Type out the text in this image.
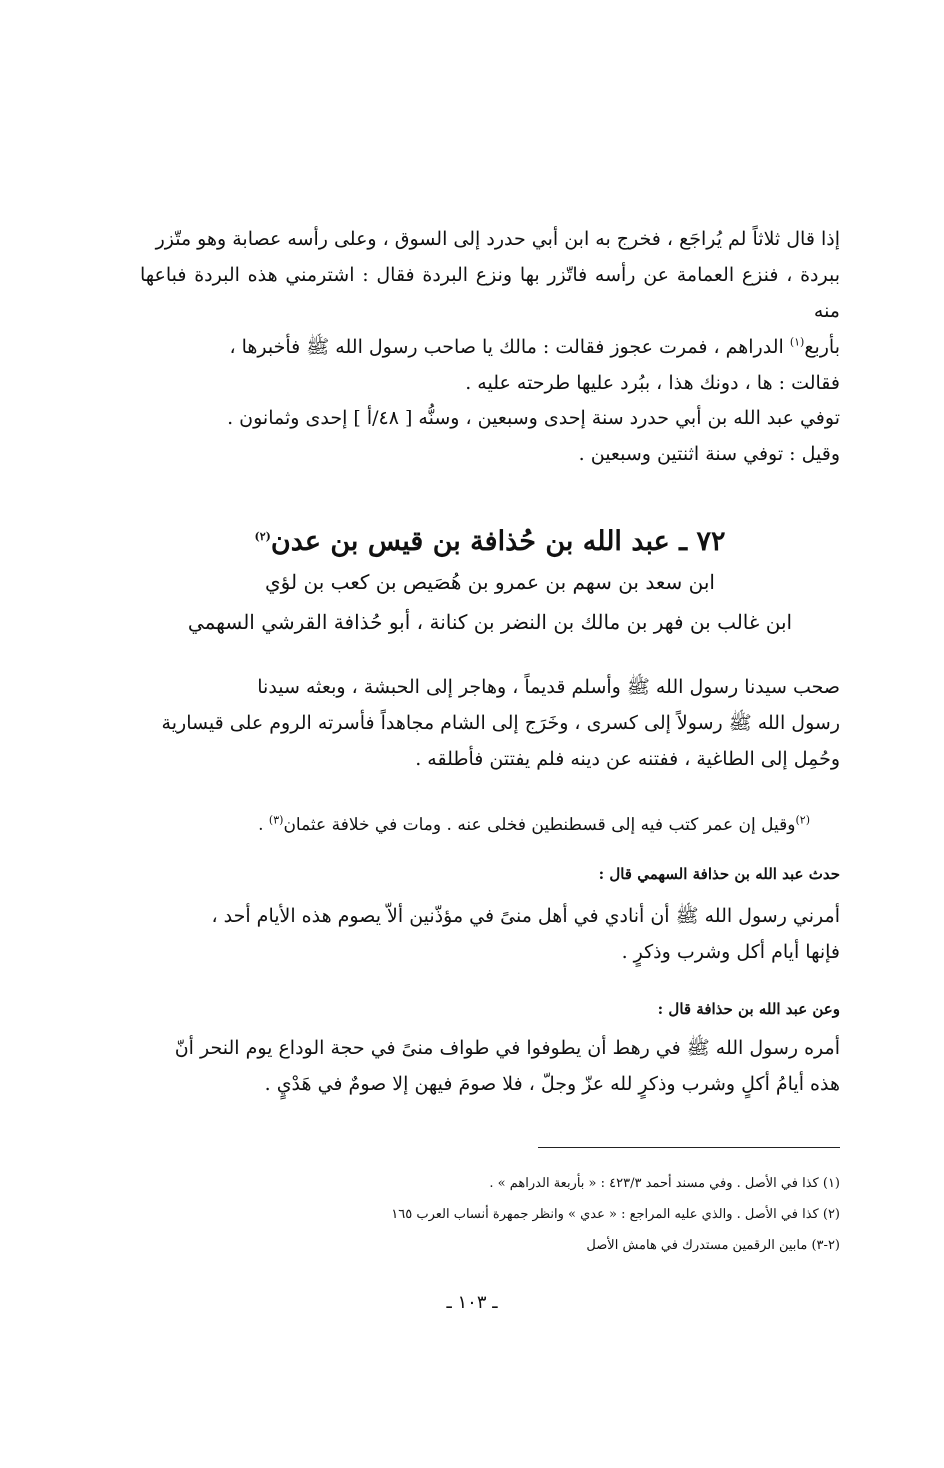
إذا قال ثلاثاً لم يُراجَع ، فخرج به ابن أبي حدرد إلى السوق ، وعلى رأسه عصابة وهو متّزر
ببردة ، فنزع العمامة عن رأسه فاتّزر بها ونزع البردة فقال : اشترمني هذه البردة فباعها منه
بأربع$^{(١)}$ الدراهم ، فمرت عجوز فقالت : مالك يا صاحب رسول الله ﷺ فأخبرها ،
فقالت : ها ، دونك هذا ، ببُرد عليها طرحته عليه .
توفي عبد الله بن أبي حدرد سنة إحدى وسبعين ، وسنُّه [ ٤٨/أ ] إحدى وثمانون .
وقيل : توفي سنة اثنتين وسبعين .
٧٢ ـ عبد الله بن حُذافة بن قيس بن عدن$^{(٢)}$
ابن سعد بن سهم بن عمرو بن هُصَيص بن كعب بن لؤي
ابن غالب بن فهر بن مالك بن النضر بن كنانة ، أبو حُذافة القرشي السهمي
صحب سيدنا رسول الله ﷺ وأسلم قديماً ، وهاجر إلى الحبشة ، وبعثه سيدنا
رسول الله ﷺ رسولاً إلى كسرى ، وخَرَج إلى الشام مجاهداً فأسرته الروم على قيسارية
وحُمِل إلى الطاغية ، ففتنه عن دينه فلم يفتتن فأطلقه .
$^{(٢)}$وقيل إن عمر كتب فيه إلى قسطنطين فخلى عنه . ومات في خلافة عثمان$^{(٣)}$ .
حدث عبد الله بن حذافة السهمي قال :
أمرني رسول الله ﷺ أن أنادي في أهل منىً في مؤذّنين ألاّ يصوم هذه الأيام أحد ،
فإنها أيام أكل وشرب وذكرٍ .
وعن عبد الله بن حذافة قال :
أمره رسول الله ﷺ في رهط أن يطوفوا في طواف منىً في حجة الوداع يوم النحر أنّ
هذه أيامُ أكلٍ وشرب وذكرٍ لله عزّ وجلّ ، فلا صومَ فيهن إلا صومٌ في هَدْيٍ .
(١) كذا في الأصل . وفي مسند أحمد ٤٢٣/٣ : « بأربعة الدراهم » .
(٢) كذا في الأصل . والذي عليه المراجع : « عدي » وانظر جمهرة أنساب العرب ١٦٥
(٢-٣) مابين الرقمين مستدرك في هامش الأصل
ـ ١٠٣ ـ
